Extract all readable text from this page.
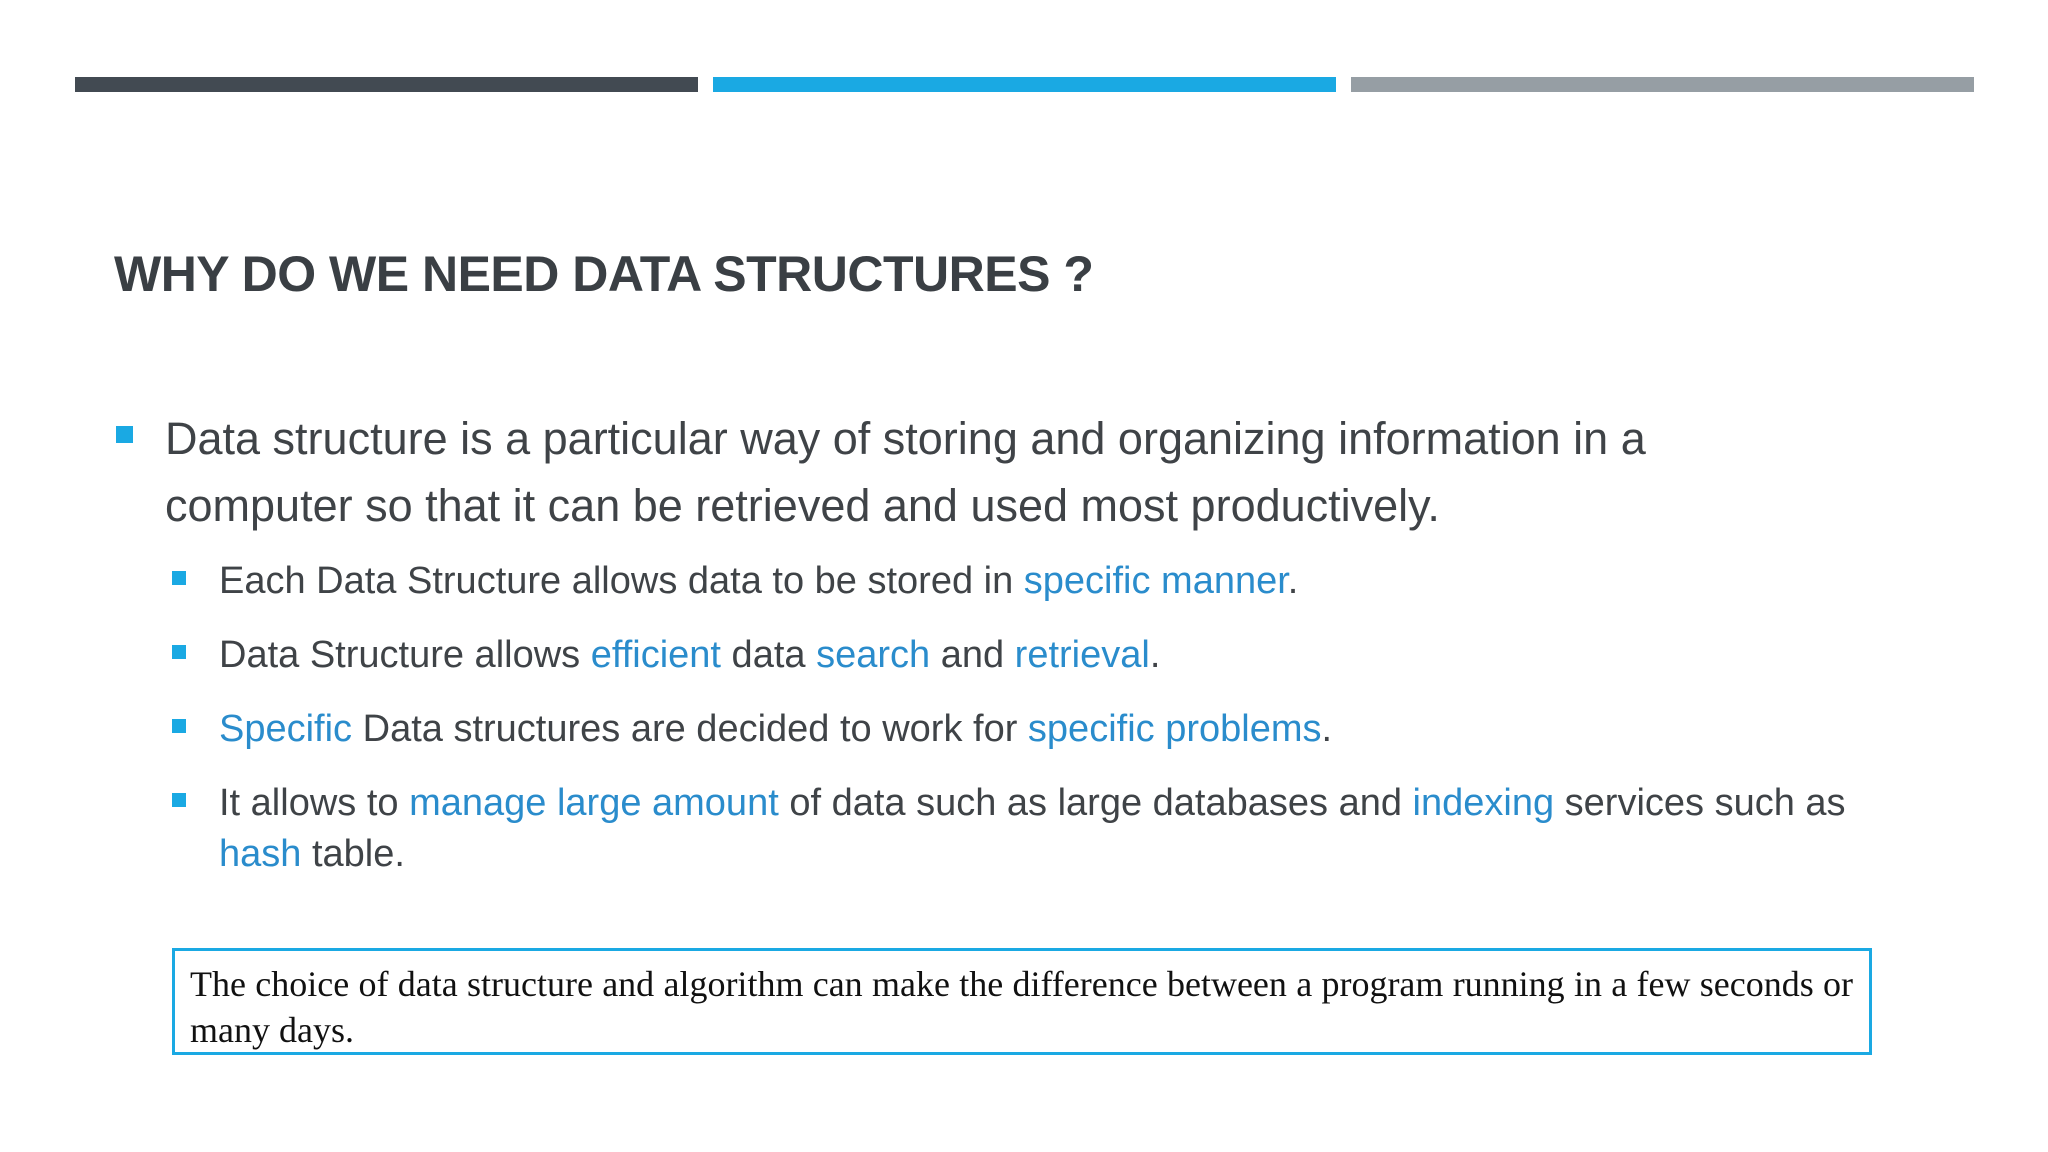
WHY DO WE NEED DATA STRUCTURES ?

Data structure is a particular way of storing and organizing information in a computer so that it can be retrieved and used most productively.

Each Data Structure allows data to be stored in specific manner.

Data Structure allows efficient data search and retrieval.

Specific Data structures are decided to work for specific problems.

It allows to manage large amount of data such as large databases and indexing services such as hash table.

The choice of data structure and algorithm can make the difference between a program running in a few seconds or many days.
